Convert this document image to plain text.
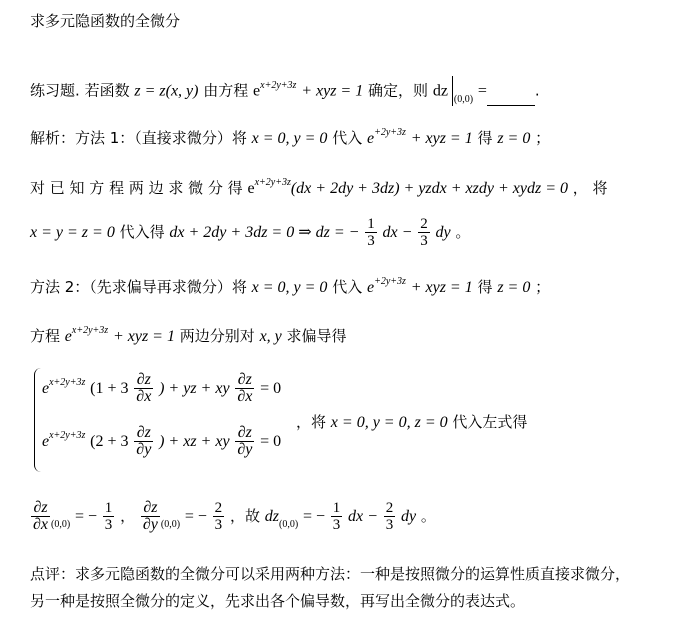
求多元隐函数的全微分
练习题. 若函数 z = z(x, y) 由方程 $e^{x+2y+3z}$ + xyz = 1 确定，则 dz $_{(0,0)}$ =	.
解析：方法 1：（直接求微分）将 x = 0, y = 0 代入 $e^{+2y+3z}$ + xyz = 1 得 z = 0 ；
对 已 知 方 程 两 边 求 微 分 得 $e^{x+2y+3z}(dx + 2dy + 3dz)$ + yzdx + xzdy + xydz = 0 ， 将
x = y = z = 0 代入得 dx + 2dy + 3dz = 0 ⇒ dz = − $\frac{1}{3}$ dx − $\frac{2}{3}$ dy 。
方法 2：（先求偏导再求微分）将 x = 0, y = 0 代入 $e^{+2y+3z}$ + xyz = 1 得 z = 0 ；
方程 $e^{x+2y+3z}$ + xyz = 1 两边分别对 x, y 求偏导得
$e^{x+2y+3z}$ ($1 + 3 \frac{\partial z}{\partial x}$ ) + yz + xy $\frac{\partial z}{\partial x} = 0$
$e^{x+2y+3z}$ ($2 + 3 \frac{\partial z}{\partial y}$ ) + xz + xy $\frac{\partial z}{\partial y} = 0$
，将 x = 0, y = 0, z = 0 代入左式得
$\frac{\partial z}{\partial x} _{(0,0)}$ = − $\frac{1}{3}$ ， $\frac{\partial z}{\partial y} _{(0,0)}$ = − $\frac{2}{3}$ ，故 $dz_{(0,0)}$ = − $\frac{1}{3}$ dx − $\frac{2}{3}$ dy 。
点评：求多元隐函数的全微分可以采用两种方法：一种是按照微分的运算性质直接求微分，
另一种是按照全微分的定义，先求出各个偏导数，再写出全微分的表达式。
